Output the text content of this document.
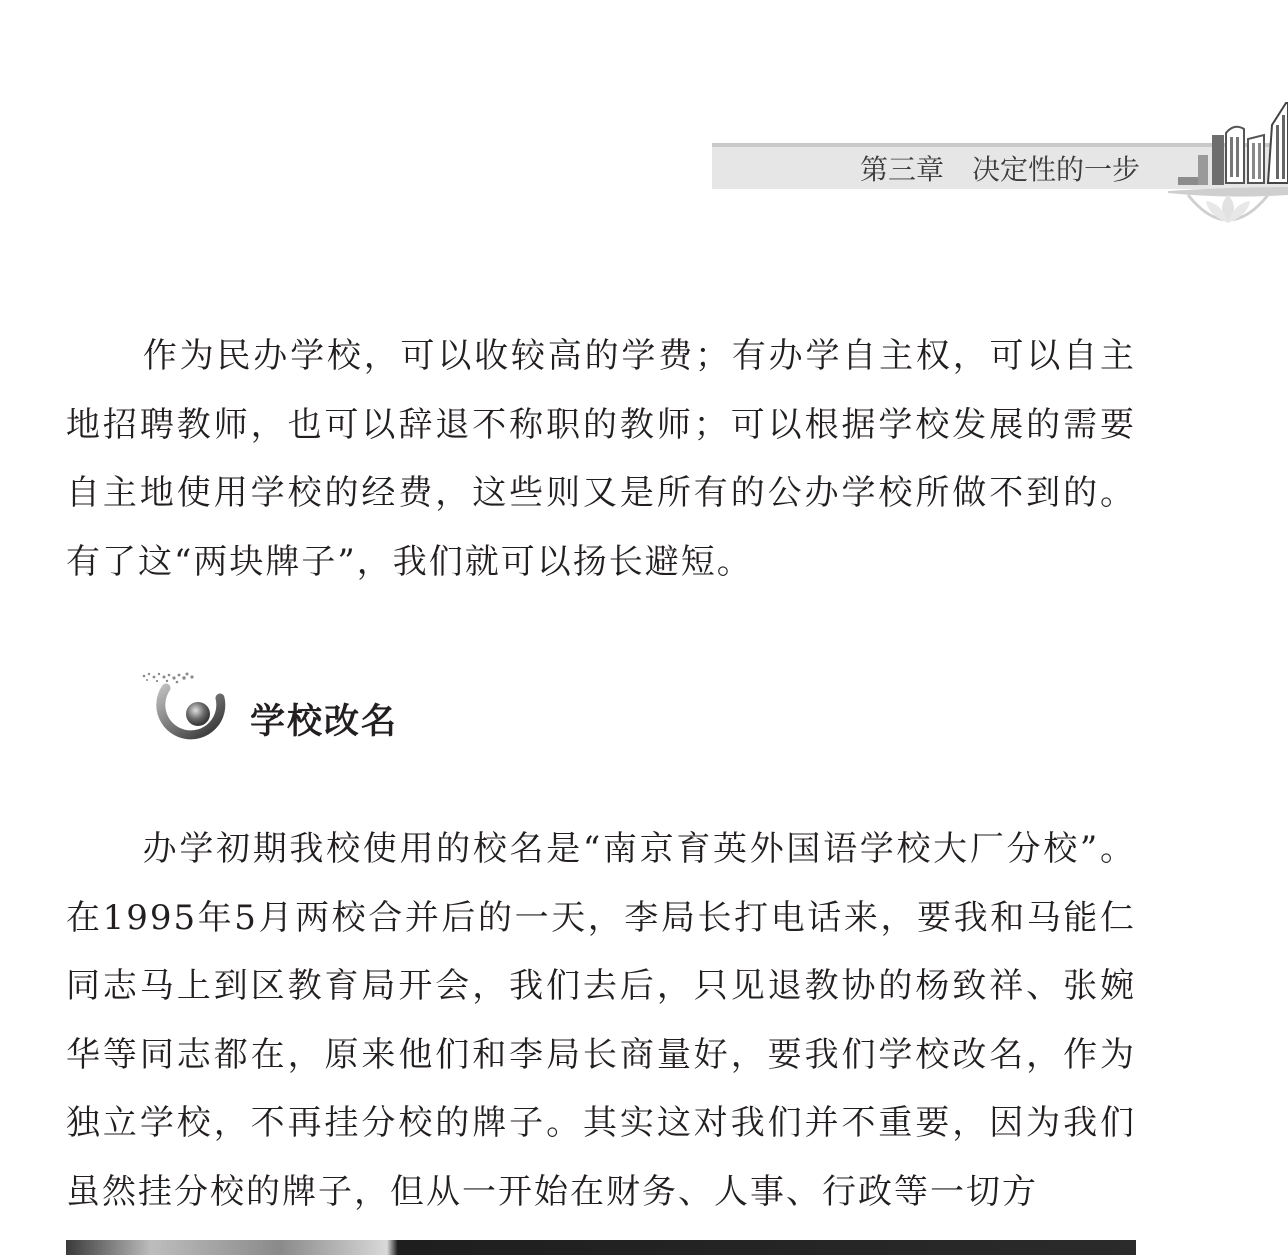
第三章　决定性的一步

作为民办学校，可以收较高的学费；有办学自主权，可以自主地招聘教师，也可以辞退不称职的教师；可以根据学校发展的需要自主地使用学校的经费，这些则又是所有的公办学校所做不到的。有了这“两块牌子”，我们就可以扬长避短。

学校改名

办学初期我校使用的校名是“南京育英外国语学校大厂分校”。在1995年5月两校合并后的一天，李局长打电话来，要我和马能仁同志马上到区教育局开会，我们去后，只见退教协的杨致祥、张婉华等同志都在，原来他们和李局长商量好，要我们学校改名，作为独立学校，不再挂分校的牌子。其实这对我们并不重要，因为我们虽然挂分校的牌子，但从一开始在财务、人事、行政等一切方
